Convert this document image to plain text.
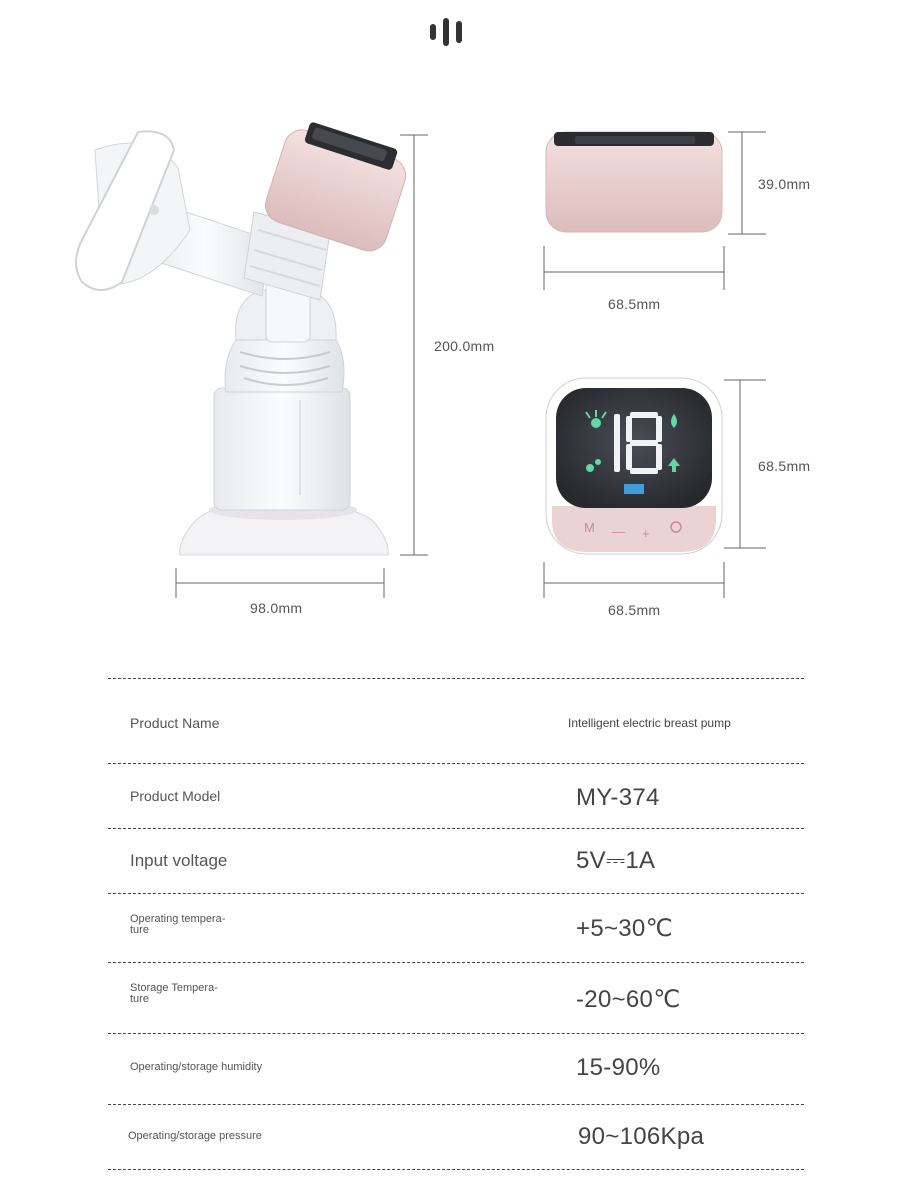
M — +
200.0mm
98.0mm
39.0mm
68.5mm
68.5mm
68.5mm
Product Name	Intelligent electric breast pump
Product Model	MY-374
Input voltage	5V⎓1A
Operating tempera-
ture	+5~30℃
Storage Tempera-
ture	-20~60℃
Operating/storage humidity	15-90%
Operating/storage pressure	90~106Kpa
